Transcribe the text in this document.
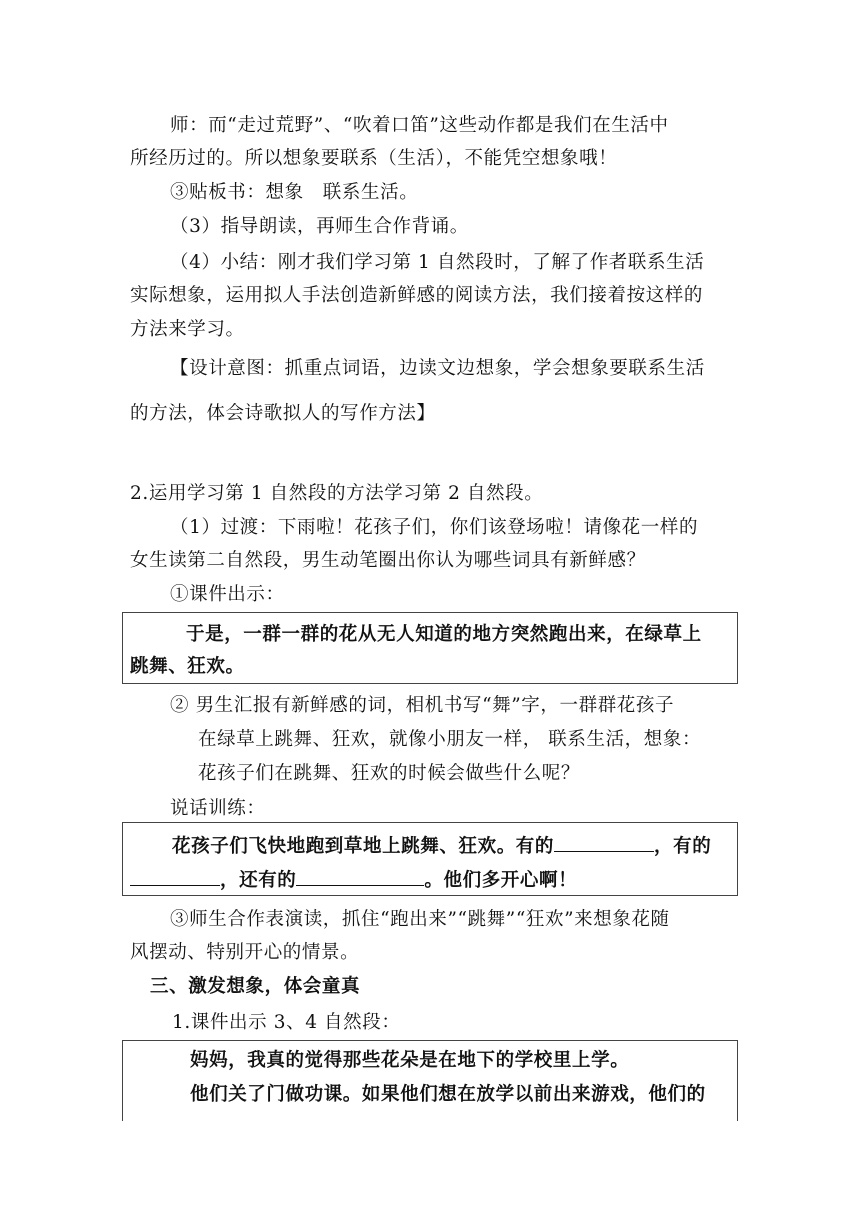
师：而“走过荒野”、“吹着口笛”这些动作都是我们在生活中
所经历过的。所以想象要联系（生活），不能凭空想象哦！
③贴板书：想象　联系生活。
（3）指导朗读，再师生合作背诵。
（4）小结：刚才我们学习第 1 自然段时，了解了作者联系生活
实际想象，运用拟人手法创造新鲜感的阅读方法，我们接着按这样的
方法来学习。
【设计意图：抓重点词语，边读文边想象，学会想象要联系生活
的方法，体会诗歌拟人的写作方法】
2.运用学习第 1 自然段的方法学习第 2 自然段。
（1）过渡：下雨啦！花孩子们，你们该登场啦！请像花一样的
女生读第二自然段，男生动笔圈出你认为哪些词具有新鲜感？
①课件出示：
于是，一群一群的花从无人知道的地方突然跑出来，在绿草上
跳舞、狂欢。
② 男生汇报有新鲜感的词，相机书写“舞”字，一群群花孩子
在绿草上跳舞、狂欢，就像小朋友一样， 联系生活，想象：
花孩子们在跳舞、狂欢的时候会做些什么呢？
说话训练：
花孩子们飞快地跑到草地上跳舞、狂欢。有的	，有的
，还有的	。他们多开心啊！
③师生合作表演读，抓住“跑出来”“跳舞”“狂欢”来想象花随
风摆动、特别开心的情景。
三、激发想象，体会童真
1.课件出示 3、4 自然段：
妈妈，我真的觉得那些花朵是在地下的学校里上学。
他们关了门做功课。如果他们想在放学以前出来游戏，他们的
